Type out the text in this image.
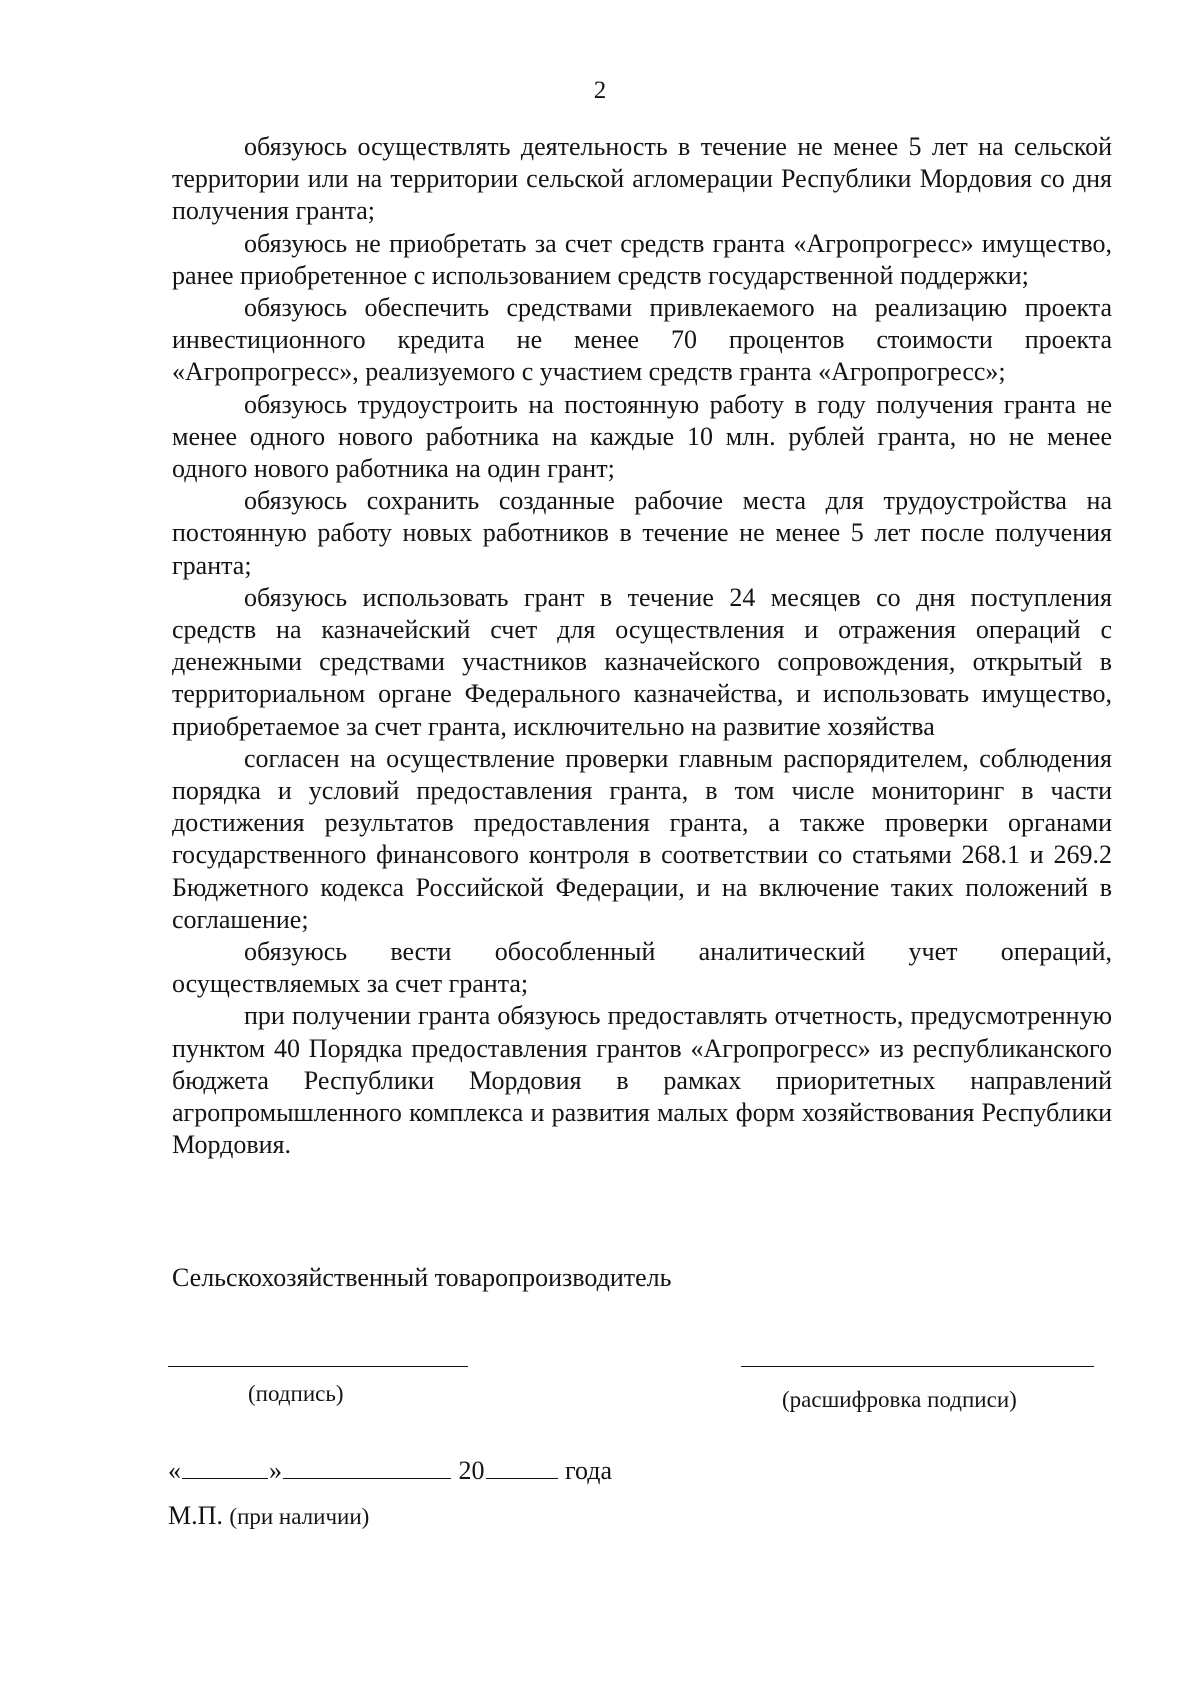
2

обязуюсь осуществлять деятельность в течение не менее 5 лет на сельской территории или на территории сельской агломерации Республики Мордовия со дня получения гранта;

обязуюсь не приобретать за счет средств гранта «Агропрогресс» имущество, ранее приобретенное с использованием средств государственной поддержки;

обязуюсь обеспечить средствами привлекаемого на реализацию проекта инвестиционного кредита не менее 70 процентов стоимости проекта «Агропрогресс», реализуемого с участием средств гранта «Агропрогресс»;

обязуюсь трудоустроить на постоянную работу в году получения гранта не менее одного нового работника на каждые 10 млн. рублей гранта, но не менее одного нового работника на один грант;

обязуюсь сохранить созданные рабочие места для трудоустройства на постоянную работу новых работников в течение не менее 5 лет после получения гранта;

обязуюсь использовать грант в течение 24 месяцев со дня поступления средств на казначейский счет для осуществления и отражения операций с денежными средствами участников казначейского сопровождения, открытый в территориальном органе Федерального казначейства, и использовать имущество, приобретаемое за счет гранта, исключительно на развитие хозяйства

согласен на осуществление проверки главным распорядителем, соблюдения порядка и условий предоставления гранта, в том числе мониторинг в части достижения результатов предоставления гранта, а также проверки органами государственного финансового контроля в соответствии со статьями 268.1 и 269.2 Бюджетного кодекса Российской Федерации, и на включение таких положений в соглашение;

обязуюсь вести обособленный аналитический учет операций, осуществляемых за счет гранта;

при получении гранта обязуюсь предоставлять отчетность, предусмотренную пунктом 40 Порядка предоставления грантов «Агропрогресс» из республиканского бюджета Республики Мордовия в рамках приоритетных направлений агропромышленного комплекса и развития малых форм хозяйствования Республики Мордовия.

Сельскохозяйственный товаропроизводитель
(подпись)	(расшифровка подписи)
«	»	20	года
М.П. (при наличии)
